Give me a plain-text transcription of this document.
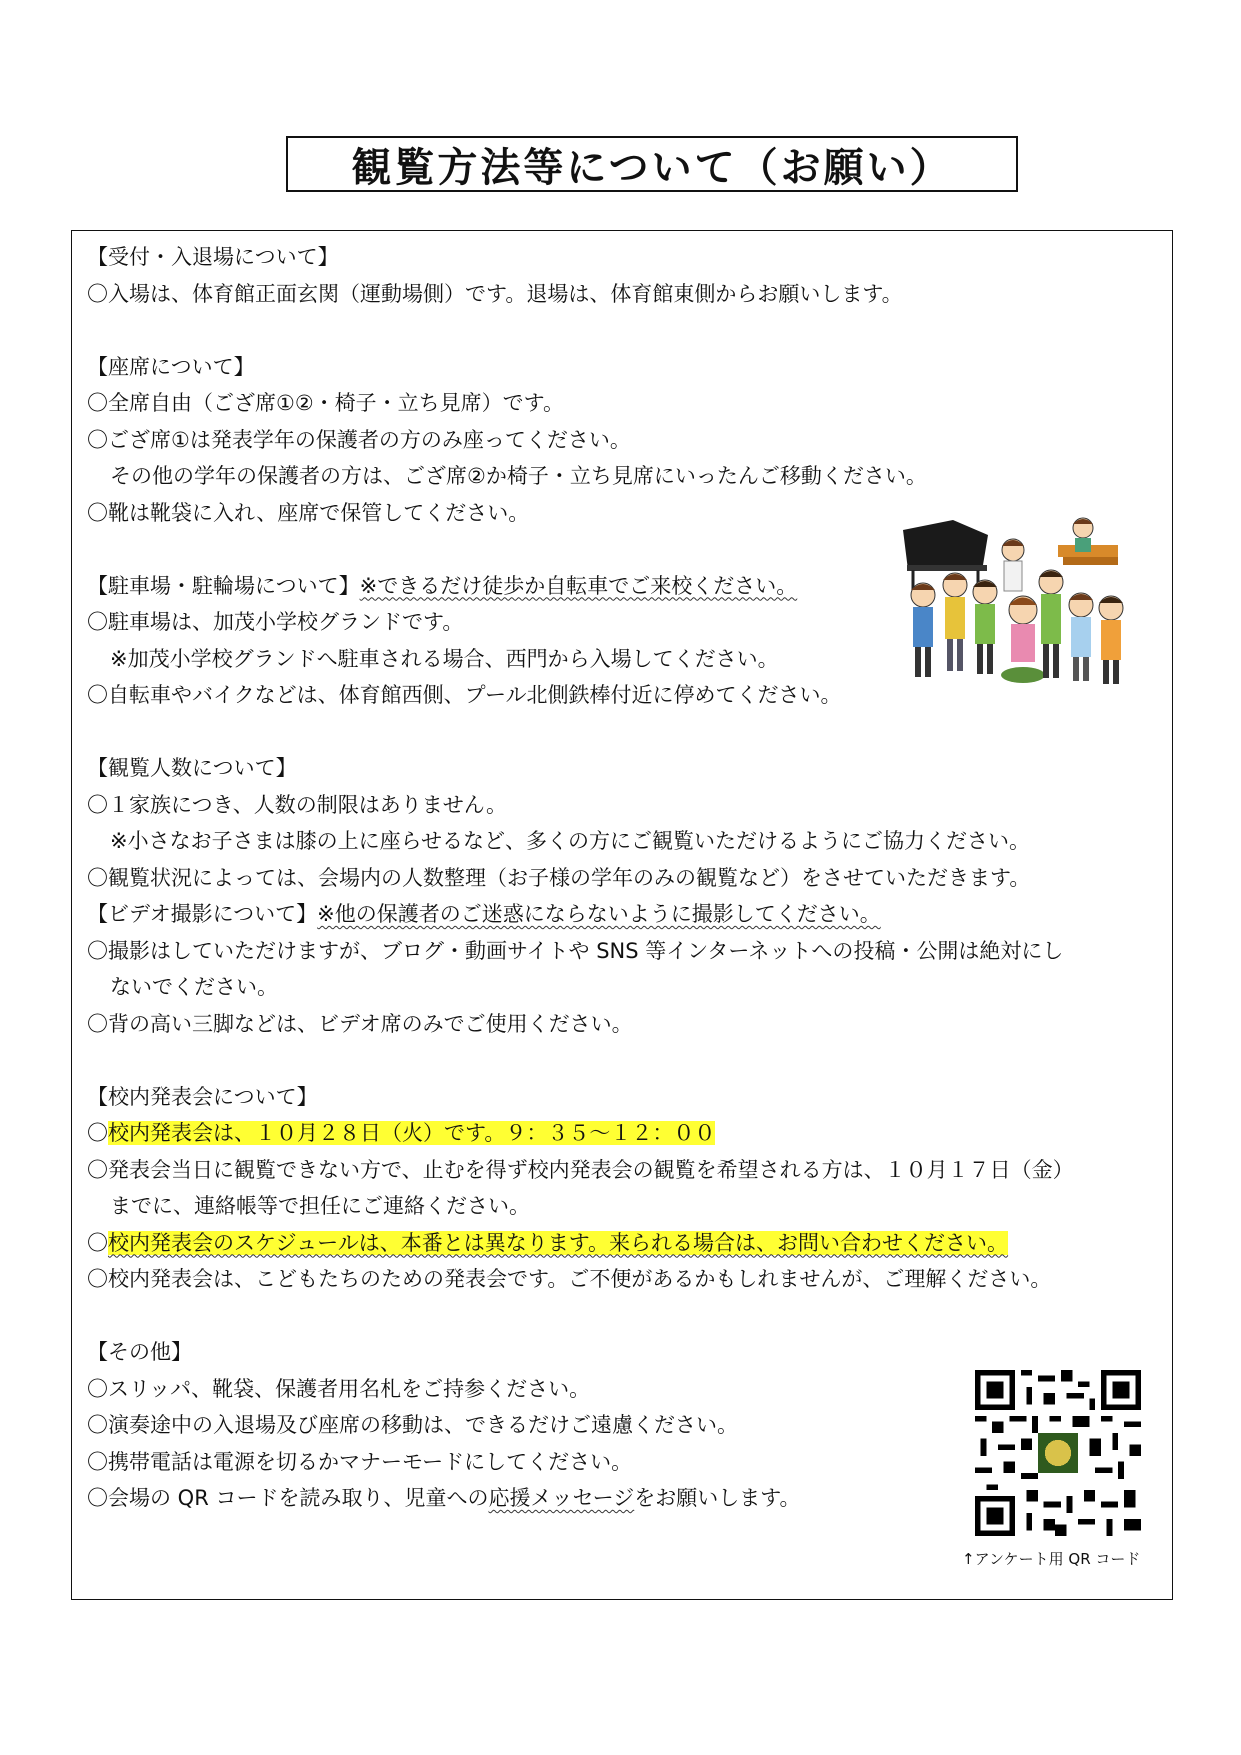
観覧方法等について（お願い）
【受付・入退場について】
〇入場は、体育館正面玄関（運動場側）です。退場は、体育館東側からお願いします。
【座席について】
〇全席自由（ござ席①②・椅子・立ち見席）です。
〇ござ席①は発表学年の保護者の方のみ座ってください。
その他の学年の保護者の方は、ござ席②か椅子・立ち見席にいったんご移動ください。
〇靴は靴袋に入れ、座席で保管してください。
【駐車場・駐輪場について】※できるだけ徒歩か自転車でご来校ください。
〇駐車場は、加茂小学校グランドです。
※加茂小学校グランドへ駐車される場合、西門から入場してください。
〇自転車やバイクなどは、体育館西側、プール北側鉄棒付近に停めてください。
【観覧人数について】
〇１家族につき、人数の制限はありません。
※小さなお子さまは膝の上に座らせるなど、多くの方にご観覧いただけるようにご協力ください。
〇観覧状況によっては、会場内の人数整理（お子様の学年のみの観覧など）をさせていただきます。
【ビデオ撮影について】※他の保護者のご迷惑にならないように撮影してください。
〇撮影はしていただけますが、ブログ・動画サイトや SNS 等インターネットへの投稿・公開は絶対にし
ないでください。
〇背の高い三脚などは、ビデオ席のみでご使用ください。
【校内発表会について】
〇校内発表会は、１０月２８日（火）です。９：３５～１２：００
〇発表会当日に観覧できない方で、止むを得ず校内発表会の観覧を希望される方は、１０月１７日（金）
までに、連絡帳等で担任にご連絡ください。
〇校内発表会のスケジュールは、本番とは異なります。来られる場合は、お問い合わせください。
〇校内発表会は、こどもたちのための発表会です。ご不便があるかもしれませんが、ご理解ください。
【その他】
〇スリッパ、靴袋、保護者用名札をご持参ください。
〇演奏途中の入退場及び座席の移動は、できるだけご遠慮ください。
〇携帯電話は電源を切るかマナーモードにしてください。
〇会場の QR コードを読み取り、児童への応援メッセージをお願いします。
↑アンケート用 QR コード
